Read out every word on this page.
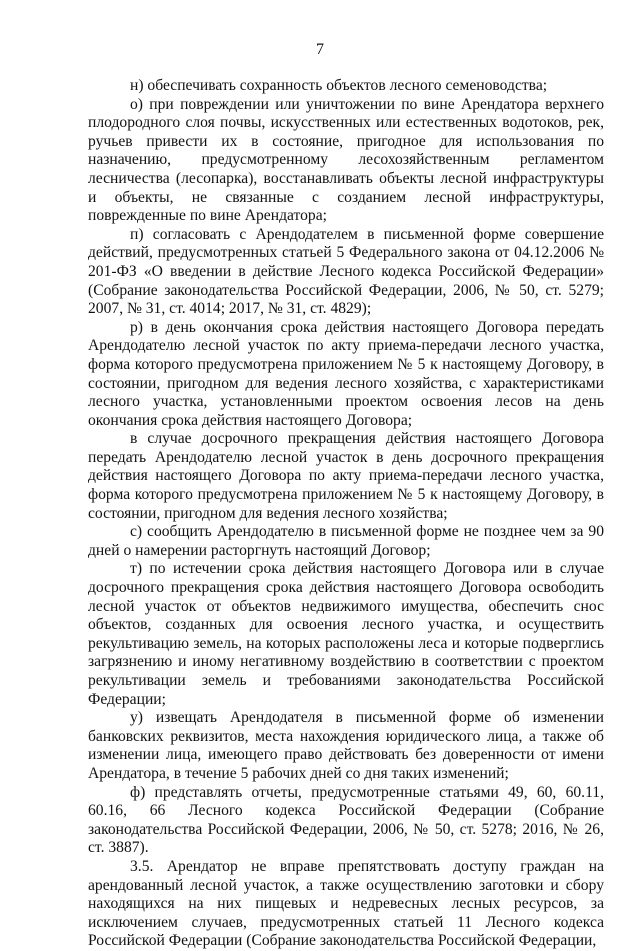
7

н) обеспечивать сохранность объектов лесного семеноводства;

о) при повреждении или уничтожении по вине Арендатора верхнего плодородного слоя почвы, искусственных или естественных водотоков, рек, ручьев привести их в состояние, пригодное для использования по назначению, предусмотренному лесохозяйственным регламентом лесничества (лесопарка), восстанавливать объекты лесной инфраструктуры и объекты, не связанные с созданием лесной инфраструктуры, поврежденные по вине Арендатора;

п) согласовать с Арендодателем в письменной форме совершение действий, предусмотренных статьей 5 Федерального закона от 04.12.2006 № 201-ФЗ «О введении в действие Лесного кодекса Российской Федерации» (Собрание законодательства Российской Федерации, 2006, № 50, ст. 5279; 2007, № 31, ст. 4014; 2017, № 31, ст. 4829);

р) в день окончания срока действия настоящего Договора передать Арендодателю лесной участок по акту приема-передачи лесного участка, форма которого предусмотрена приложением № 5 к настоящему Договору, в состоянии, пригодном для ведения лесного хозяйства, с характеристиками лесного участка, установленными проектом освоения лесов на день окончания срока действия настоящего Договора;

в случае досрочного прекращения действия настоящего Договора передать Арендодателю лесной участок в день досрочного прекращения действия настоящего Договора по акту приема-передачи лесного участка, форма которого предусмотрена приложением № 5 к настоящему Договору, в состоянии, пригодном для ведения лесного хозяйства;

с) сообщить Арендодателю в письменной форме не позднее чем за 90 дней о намерении расторгнуть настоящий Договор;

т) по истечении срока действия настоящего Договора или в случае досрочного прекращения срока действия настоящего Договора освободить лесной участок от объектов недвижимого имущества, обеспечить снос объектов, созданных для освоения лесного участка, и осуществить рекультивацию земель, на которых расположены леса и которые подверглись загрязнению и иному негативному воздействию в соответствии с проектом рекультивации земель и требованиями законодательства Российской Федерации;

у) извещать Арендодателя в письменной форме об изменении банковских реквизитов, места нахождения юридического лица, а также об изменении лица, имеющего право действовать без доверенности от имени Арендатора, в течение 5 рабочих дней со дня таких изменений;

ф) представлять отчеты, предусмотренные статьями 49, 60, 60.11, 60.16, 66 Лесного кодекса Российской Федерации (Собрание законодательства Российской Федерации, 2006, № 50, ст. 5278; 2016, № 26, ст. 3887).

3.5. Арендатор не вправе препятствовать доступу граждан на арендованный лесной участок, а также осуществлению заготовки и сбору находящихся на них пищевых и недревесных лесных ресурсов, за исключением случаев, предусмотренных статьей 11 Лесного кодекса Российской Федерации (Собрание законодательства Российской Федерации,
